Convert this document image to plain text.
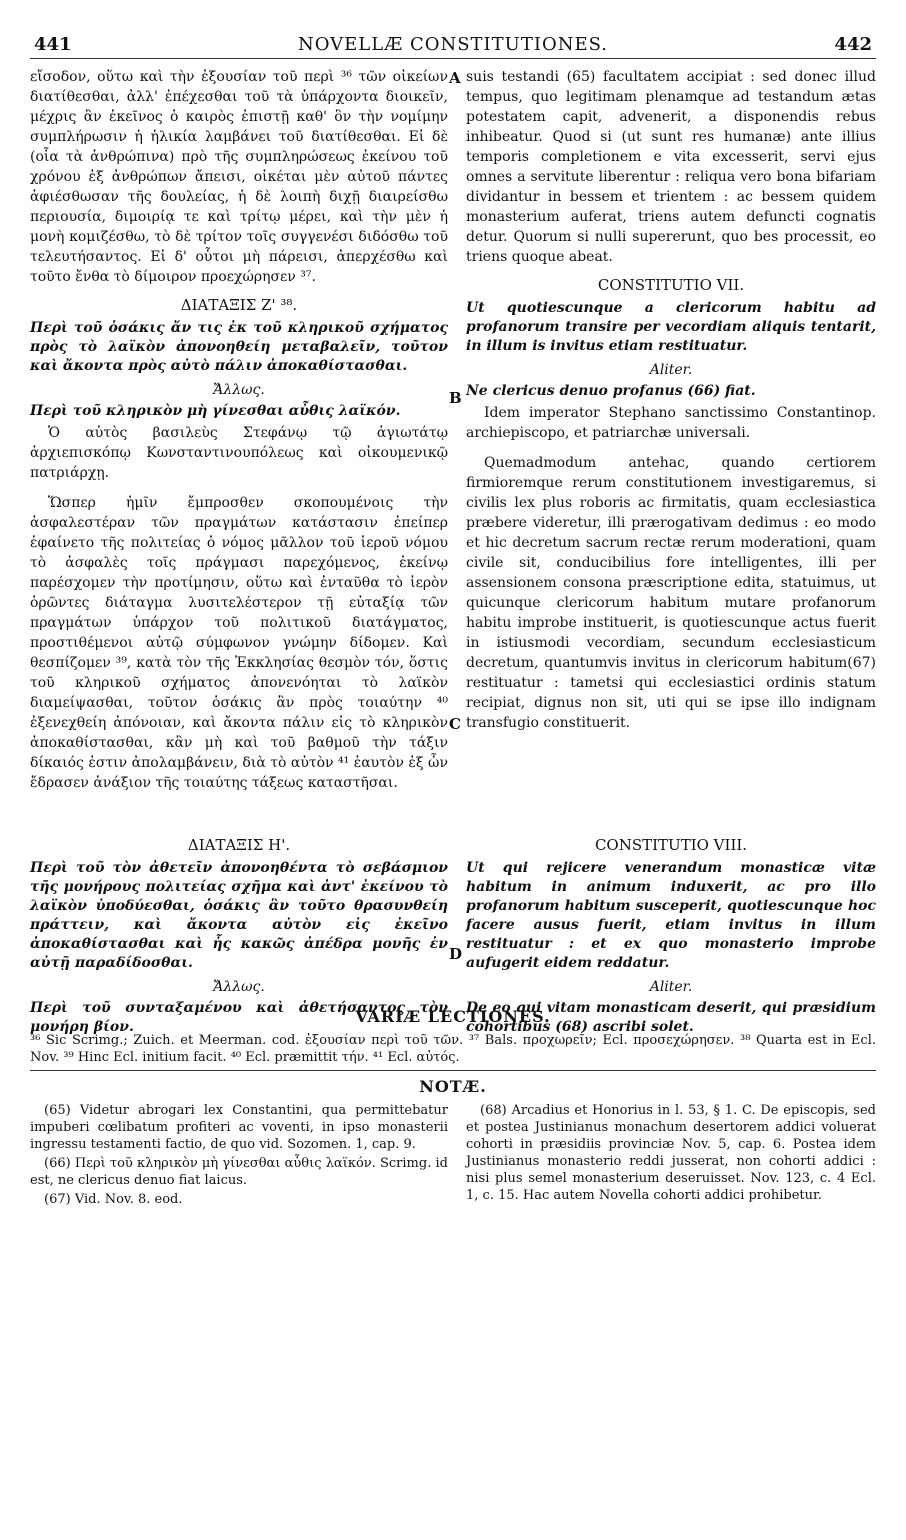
441	NOVELLÆ CONSTITUTIONES.	442
A
B
C
εἴσοδον, οὕτω καὶ τὴν ἐξουσίαν τοῦ περὶ ³⁶ τῶν οἰκείων διατίθεσθαι, ἀλλ' ἐπέχεσθαι τοῦ τὰ ὑπάρχοντα διοικεῖν, μέχρις ἂν ἐκεῖνος ὁ καιρὸς ἐπιστῇ καθ' ὃν τὴν νομίμην συμπλήρωσιν ἡ ἡλικία λαμβάνει τοῦ διατίθεσθαι. Εἰ δὲ (οἷα τὰ ἀνθρώπινα) πρὸ τῆς συμπληρώσεως ἐκείνου τοῦ χρόνου ἐξ ἀνθρώπων ἄπεισι, οἰκέται μὲν αὐτοῦ πάντες ἀφιέσθωσαν τῆς δουλείας, ἡ δὲ λοιπὴ διχῇ διαιρείσθω περιουσία, διμοιρίᾳ τε καὶ τρίτῳ μέρει, καὶ τὴν μὲν ἡ μονὴ κομιζέσθω, τὸ δὲ τρίτον τοῖς συγγενέσι διδόσθω τοῦ τελευτήσαντος. Εἰ δ' οὗτοι μὴ πάρεισι, ἀπερχέσθω καὶ τοῦτο ἔνθα τὸ δίμοιρον προεχώρησεν ³⁷.
ΔΙΑΤΑΞΙΣ Ζ' ³⁸.
Περὶ τοῦ ὁσάκις ἄν τις ἐκ τοῦ κληρικοῦ σχήματος πρὸς τὸ λαϊκὸν ἀπονοηθείη μεταβαλεῖν, τοῦτον καὶ ἄκοντα πρὸς αὐτὸ πάλιν ἀποκαθίστασθαι.
Ἄλλως.
Περὶ τοῦ κληρικὸν μὴ γίνεσθαι αὖθις λαϊκόν.
Ὁ αὐτὸς βασιλεὺς Στεφάνῳ τῷ ἁγιωτάτῳ ἀρχιεπισκόπῳ Κωνσταντινουπόλεως καὶ οἰκουμενικῷ πατριάρχῃ.
Ὥσπερ ἡμῖν ἔμπροσθεν σκοπουμένοις τὴν ἀσφαλεστέραν τῶν πραγμάτων κατάστασιν ἐπείπερ ἐφαίνετο τῆς πολιτείας ὁ νόμος μᾶλλον τοῦ ἱεροῦ νόμου τὸ ἀσφαλὲς τοῖς πράγμασι παρεχόμενος, ἐκείνῳ παρέσχομεν τὴν προτίμησιν, οὕτω καὶ ἐνταῦθα τὸ ἱερὸν ὁρῶντες διάταγμα λυσιτελέστερον τῇ εὐταξίᾳ τῶν πραγμάτων ὑπάρχον τοῦ πολιτικοῦ διατάγματος, προστιθέμενοι αὐτῷ σύμφωνον γνώμην δίδομεν. Καὶ θεσπίζομεν ³⁹, κατὰ τὸν τῆς Ἐκκλησίας θεσμὸν τόν, ὅστις τοῦ κληρικοῦ σχήματος ἀπονενόηται τὸ λαϊκὸν διαμείψασθαι, τοῦτον ὁσάκις ἂν πρὸς τοιαύτην ⁴⁰ ἐξενεχθείη ἀπόνοιαν, καὶ ἄκοντα πάλιν εἰς τὸ κληρικὸν ἀποκαθίστασθαι, κἂν μὴ καὶ τοῦ βαθμοῦ τὴν τάξιν δίκαιός ἐστιν ἀπολαμβάνειν, διὰ τὸ αὐτὸν ⁴¹ ἑαυτὸν ἐξ ὧν ἔδρασεν ἀνάξιον τῆς τοιαύτης τάξεως καταστῆσαι.
suis testandi (65) facultatem accipiat : sed donec illud tempus, quo legitimam plenamque ad testandum ætas potestatem capit, advenerit, a disponendis rebus inhibeatur. Quod si (ut sunt res humanæ) ante illius temporis completionem e vita excesserit, servi ejus omnes a servitute liberentur : reliqua vero bona bifariam dividantur in bessem et trientem : ac bessem quidem monasterium auferat, triens autem defuncti cognatis detur. Quorum si nulli supererunt, quo bes processit, eo triens quoque abeat.
CONSTITUTIO VII.
Ut quotiescunque a clericorum habitu ad profanorum transire per vecordiam aliquis tentarit, in illum is invitus etiam restituatur.
Aliter.
Ne clericus denuo profanus (66) fiat.
Idem imperator Stephano sanctissimo Constantinop. archiepiscopo, et patriarchæ universali.
Quemadmodum antehac, quando certiorem firmioremque rerum constitutionem investigaremus, si civilis lex plus roboris ac firmitatis, quam ecclesiastica præbere videretur, illi prærogativam dedimus : eo modo et hic decretum sacrum rectæ rerum moderationi, quam civile sit, conducibilius fore intelligentes, illi per assensionem consona præscriptione edita, statuimus, ut quicunque clericorum habitum mutare profanorum habitu improbe instituerit, is quotiescunque actus fuerit in istiusmodi vecordiam, secundum ecclesiasticum decretum, quantumvis invitus in clericorum habitum(67) restituatur : tametsi qui ecclesiastici ordinis statum recipiat, dignus non sit, uti qui se ipse illo indignam transfugio constituerit.
D
ΔΙΑΤΑΞΙΣ Η'.
Περὶ τοῦ τὸν ἀθετεῖν ἀπονοηθέντα τὸ σεβάσμιον τῆς μονήρους πολιτείας σχῆμα καὶ ἀντ' ἐκείνου τὸ λαϊκὸν ὑποδύεσθαι, ὁσάκις ἂν τοῦτο θρασυνθείη πράττειν, καὶ ἄκοντα αὐτὸν εἰς ἐκεῖνο ἀποκαθίστασθαι καὶ ἧς κακῶς ἀπέδρα μονῆς ἐν αὐτῇ παραδίδοσθαι.
Ἄλλως.
Περὶ τοῦ συνταξαμένου καὶ ἀθετήσαντος τὸν μονήρη βίον.
CONSTITUTIO VIII.
Ut qui rejicere venerandum monasticæ vitæ habitum in animum induxerit, ac pro illo profanorum habitum susceperit, quotiescunque hoc facere ausus fuerit, etiam invitus in illum restituatur : et ex quo monasterio improbe aufugerit eidem reddatur.
Aliter.
De eo qui vitam monasticam deserit, qui præsidium cohortibus (68) ascribi solet.
VARIÆ LECTIONES.
³⁶ Sic Scrimg.; Zuich. et Meerman. cod. ἐξουσίαν περὶ τοῦ τῶν. ³⁷ Bals. προχωρεῖν; Ecl. προσεχώρησεν. ³⁸ Quarta est in Ecl. Nov. ³⁹ Hinc Ecl. initium facit. ⁴⁰ Ecl. præmittit τήν. ⁴¹ Ecl. αὐτός.
NOTÆ.
(65) Videtur abrogari lex Constantini, qua permittebatur impuberi cœlibatum profiteri ac voventi, in ipso monasterii ingressu testamenti factio, de quo vid. Sozomen. 1, cap. 9.
(66) Περὶ τοῦ κληρικὸν μὴ γίνεσθαι αὖθις λαϊκόν. Scrimg. id est, ne clericus denuo fiat laicus.
(67) Vid. Nov. 8. eod.
(68) Arcadius et Honorius in l. 53, § 1. C. De episcopis, sed et postea Justinianus monachum desertorem addici voluerat cohorti in præsidiis provinciæ Nov. 5, cap. 6. Postea idem Justinianus monasterio reddi jusserat, non cohorti addici : nisi plus semel monasterium deseruisset. Nov. 123, c. 4 Ecl. 1, c. 15. Hac autem Novella cohorti addici prohibetur.
